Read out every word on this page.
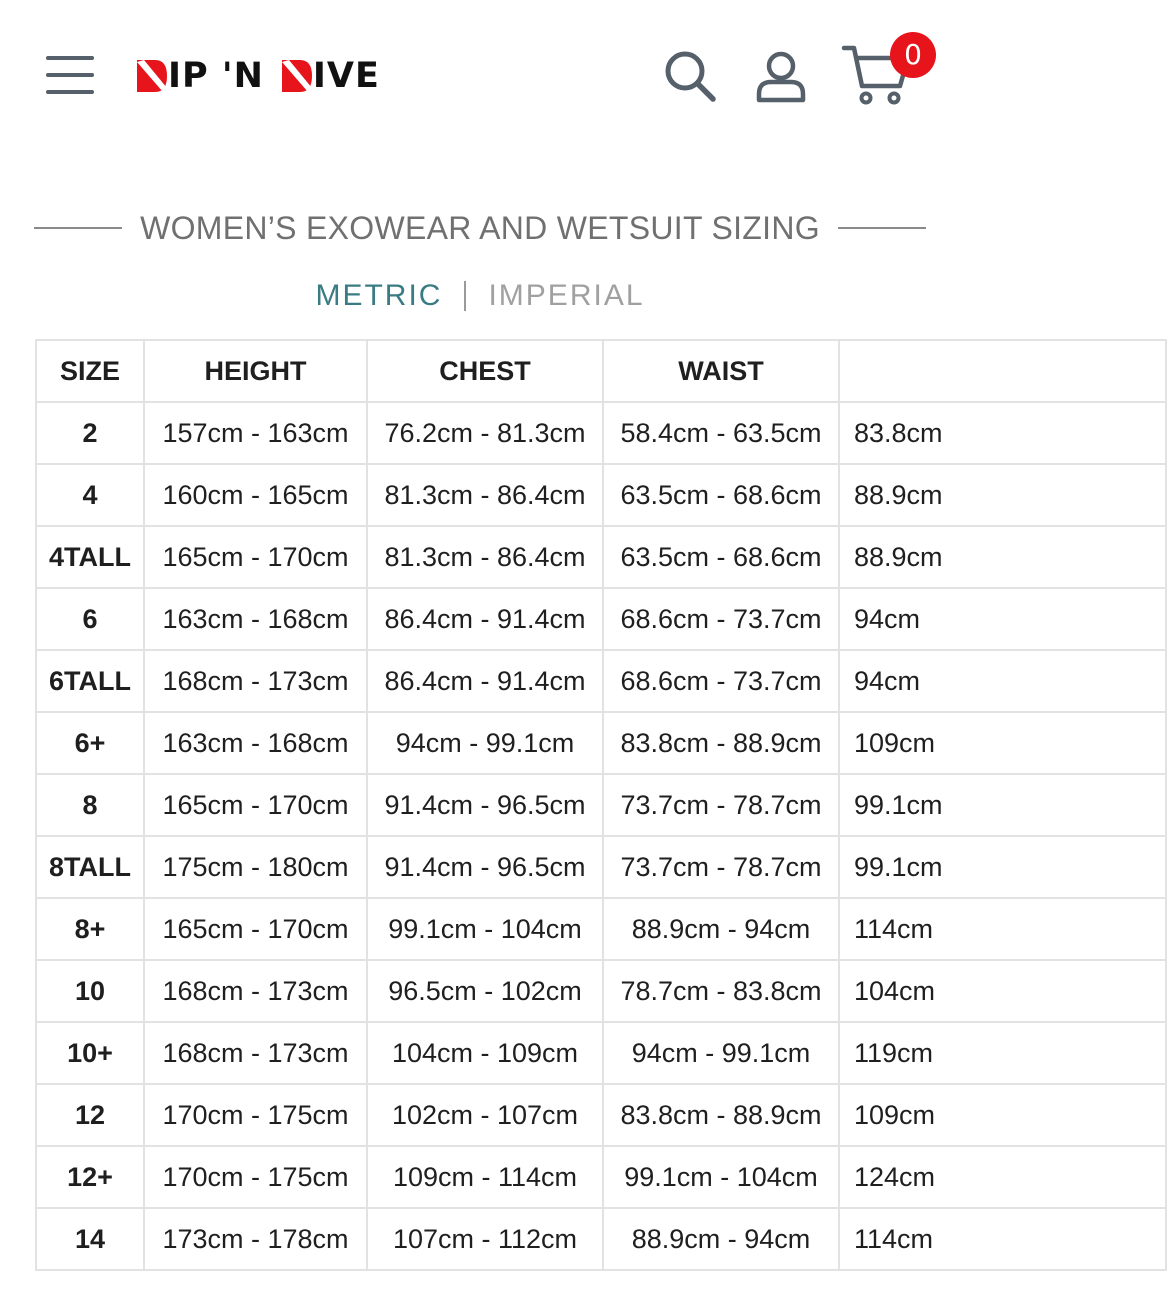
IP 'N IVE
0
WOMEN’S EXOWEAR AND WETSUIT SIZING
METRIC IMPERIAL
SIZE	HEIGHT	CHEST	WAIST	
2	157cm - 163cm	76.2cm - 81.3cm	58.4cm - 63.5cm	83.8cm
4	160cm - 165cm	81.3cm - 86.4cm	63.5cm - 68.6cm	88.9cm
4TALL	165cm - 170cm	81.3cm - 86.4cm	63.5cm - 68.6cm	88.9cm
6	163cm - 168cm	86.4cm - 91.4cm	68.6cm - 73.7cm	94cm
6TALL	168cm - 173cm	86.4cm - 91.4cm	68.6cm - 73.7cm	94cm
6+	163cm - 168cm	94cm - 99.1cm	83.8cm - 88.9cm	109cm
8	165cm - 170cm	91.4cm - 96.5cm	73.7cm - 78.7cm	99.1cm
8TALL	175cm - 180cm	91.4cm - 96.5cm	73.7cm - 78.7cm	99.1cm
8+	165cm - 170cm	99.1cm - 104cm	88.9cm - 94cm	114cm
10	168cm - 173cm	96.5cm - 102cm	78.7cm - 83.8cm	104cm
10+	168cm - 173cm	104cm - 109cm	94cm - 99.1cm	119cm
12	170cm - 175cm	102cm - 107cm	83.8cm - 88.9cm	109cm
12+	170cm - 175cm	109cm - 114cm	99.1cm - 104cm	124cm
14	173cm - 178cm	107cm - 112cm	88.9cm - 94cm	114cm
